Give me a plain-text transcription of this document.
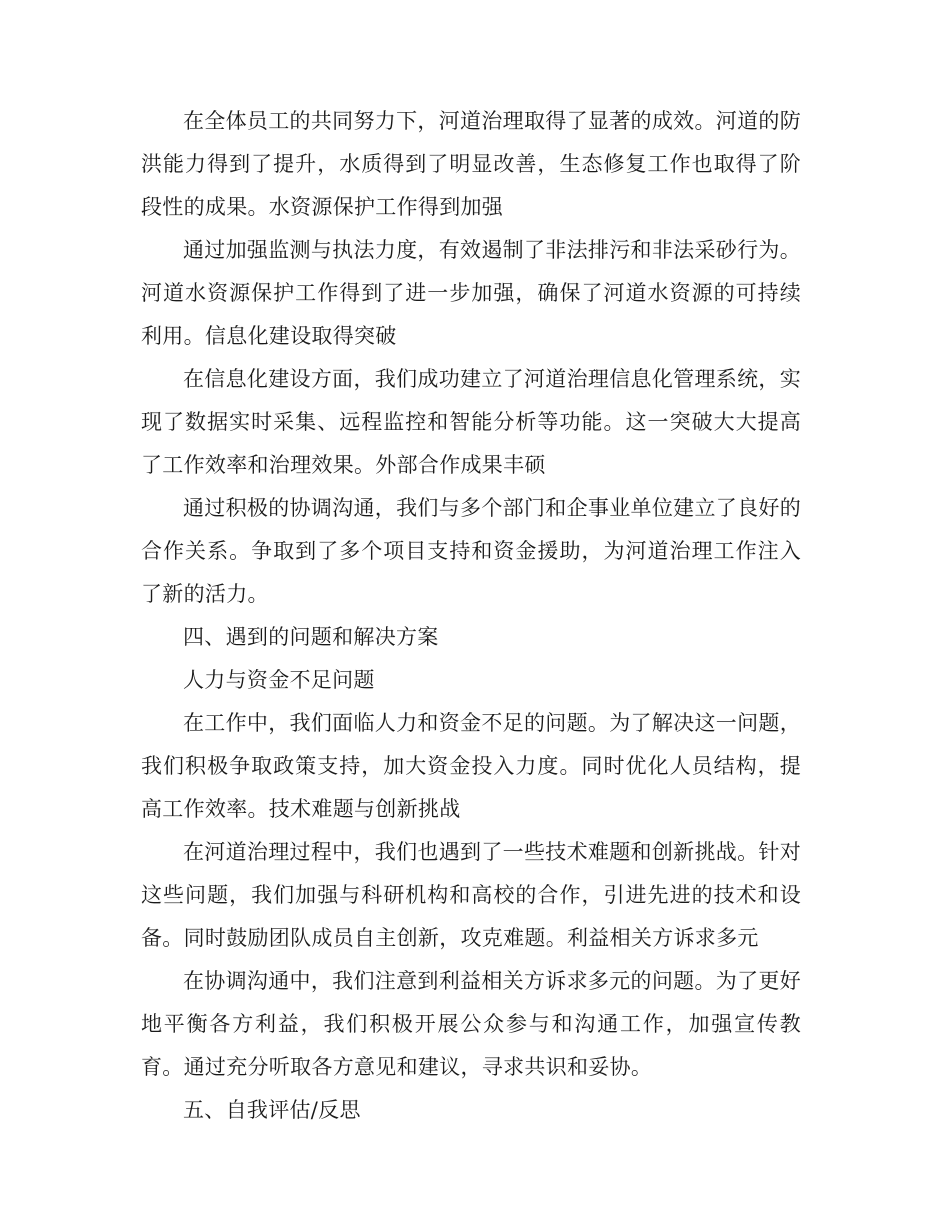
在全体员工的共同努力下，河道治理取得了显著的成效。河道的防洪能力得到了提升，水质得到了明显改善，生态修复工作也取得了阶段性的成果。水资源保护工作得到加强

通过加强监测与执法力度，有效遏制了非法排污和非法采砂行为。河道水资源保护工作得到了进一步加强，确保了河道水资源的可持续利用。信息化建设取得突破

在信息化建设方面，我们成功建立了河道治理信息化管理系统，实现了数据实时采集、远程监控和智能分析等功能。这一突破大大提高了工作效率和治理效果。外部合作成果丰硕

通过积极的协调沟通，我们与多个部门和企事业单位建立了良好的合作关系。争取到了多个项目支持和资金援助，为河道治理工作注入了新的活力。

四、遇到的问题和解决方案

人力与资金不足问题

在工作中，我们面临人力和资金不足的问题。为了解决这一问题，我们积极争取政策支持，加大资金投入力度。同时优化人员结构，提高工作效率。技术难题与创新挑战

在河道治理过程中，我们也遇到了一些技术难题和创新挑战。针对这些问题，我们加强与科研机构和高校的合作，引进先进的技术和设备。同时鼓励团队成员自主创新，攻克难题。利益相关方诉求多元

在协调沟通中，我们注意到利益相关方诉求多元的问题。为了更好地平衡各方利益，我们积极开展公众参与和沟通工作，加强宣传教育。通过充分听取各方意见和建议，寻求共识和妥协。

五、自我评估/反思
